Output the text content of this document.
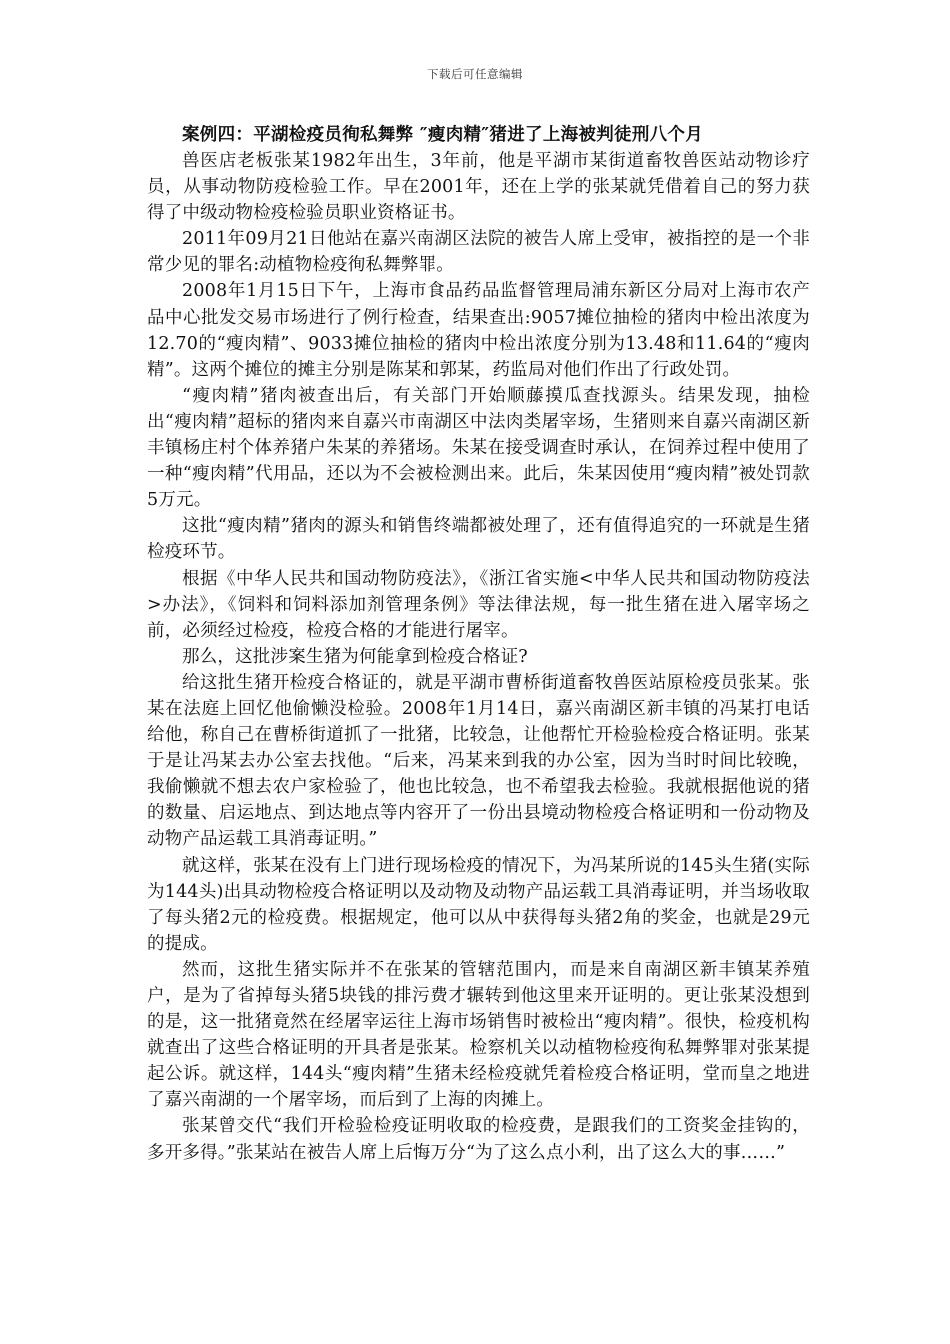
下载后可任意编辑

案例四：平湖检疫员徇私舞弊 ″瘦肉精″猪进了上海被判徒刑八个月

兽医店老板张某1982年出生，3年前，他是平湖市某街道畜牧兽医站动物诊疗员，从事动物防疫检验工作。早在2001年，还在上学的张某就凭借着自己的努力获得了中级动物检疫检验员职业资格证书。

2011年09月21日他站在嘉兴南湖区法院的被告人席上受审，被指控的是一个非常少见的罪名:动植物检疫徇私舞弊罪。

2008年1月15日下午，上海市食品药品监督管理局浦东新区分局对上海市农产品中心批发交易市场进行了例行检查，结果查出:9057摊位抽检的猪肉中检出浓度为12.70的“瘦肉精”、9033摊位抽检的猪肉中检出浓度分别为13.48和11.64的“瘦肉精”。这两个摊位的摊主分别是陈某和郭某，药监局对他们作出了行政处罚。

“瘦肉精”猪肉被查出后，有关部门开始顺藤摸瓜查找源头。结果发现，抽检出“瘦肉精”超标的猪肉来自嘉兴市南湖区中法肉类屠宰场，生猪则来自嘉兴南湖区新丰镇杨庄村个体养猪户朱某的养猪场。朱某在接受调查时承认，在饲养过程中使用了一种“瘦肉精”代用品，还以为不会被检测出来。此后，朱某因使用“瘦肉精”被处罚款5万元。

这批“瘦肉精”猪肉的源头和销售终端都被处理了，还有值得追究的一环就是生猪检疫环节。

根据《中华人民共和国动物防疫法》，《浙江省实施<中华人民共和国动物防疫法>办法》，《饲料和饲料添加剂管理条例》等法律法规，每一批生猪在进入屠宰场之前，必须经过检疫，检疫合格的才能进行屠宰。

那么，这批涉案生猪为何能拿到检疫合格证?

给这批生猪开检疫合格证的，就是平湖市曹桥街道畜牧兽医站原检疫员张某。张某在法庭上回忆他偷懒没检验。2008年1月14日，嘉兴南湖区新丰镇的冯某打电话给他，称自己在曹桥街道抓了一批猪，比较急，让他帮忙开检验检疫合格证明。张某于是让冯某去办公室去找他。“后来，冯某来到我的办公室，因为当时时间比较晚，我偷懒就不想去农户家检验了，他也比较急，也不希望我去检验。我就根据他说的猪的数量、启运地点、到达地点等内容开了一份出县境动物检疫合格证明和一份动物及动物产品运载工具消毒证明。”

就这样，张某在没有上门进行现场检疫的情况下，为冯某所说的145头生猪(实际为144头)出具动物检疫合格证明以及动物及动物产品运载工具消毒证明，并当场收取了每头猪2元的检疫费。根据规定，他可以从中获得每头猪2角的奖金，也就是29元的提成。

然而，这批生猪实际并不在张某的管辖范围内，而是来自南湖区新丰镇某养殖户，是为了省掉每头猪5块钱的排污费才辗转到他这里来开证明的。更让张某没想到的是，这一批猪竟然在经屠宰运往上海市场销售时被检出“瘦肉精”。很快，检疫机构就查出了这些合格证明的开具者是张某。检察机关以动植物检疫徇私舞弊罪对张某提起公诉。就这样，144头“瘦肉精”生猪未经检疫就凭着检疫合格证明，堂而皇之地进了嘉兴南湖的一个屠宰场，而后到了上海的肉摊上。

张某曾交代“我们开检验检疫证明收取的检疫费，是跟我们的工资奖金挂钩的，多开多得。”张某站在被告人席上后悔万分“为了这么点小利，出了这么大的事……”
